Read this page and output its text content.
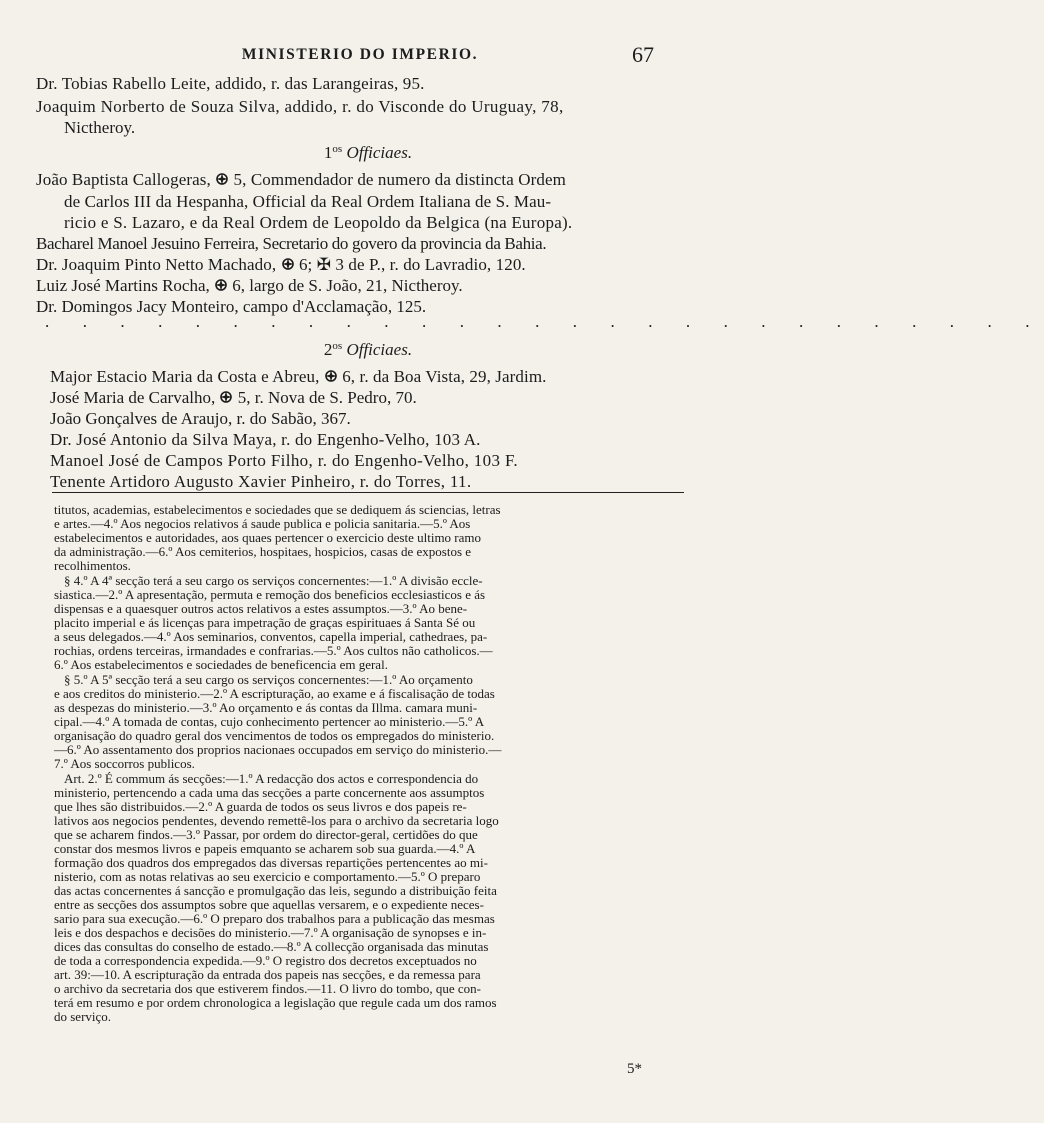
MINISTERIO DO IMPERIO.	67
Dr. Tobias Rabello Leite, addido, r. das Larangeiras, 95.
Joaquim Norberto de Souza Silva, addido, r. do Visconde do Uruguay, 78,
Nictheroy.
$1^{os}$ Officiaes.
João Baptista Callogeras, 5, Commendador de numero da distincta Ordem
de Carlos III da Hespanha, Official da Real Ordem Italiana de S. Mau-
ricio e S. Lazaro, e da Real Ordem de Leopoldo da Belgica (na Europa).
Bacharel Manoel Jesuino Ferreira, Secretario do govero da provincia da Bahia.
Dr. Joaquim Pinto Netto Machado, 6; ✠ 3 de P., r. do Lavradio, 120.
Luiz José Martins Rocha, 6, largo de S. João, 21, Nictheroy.
Dr. Domingos Jacy Monteiro, campo d'Acclamação, 125.
. . . . . . . . . . . . . . . . . . . . . . . . . . .
$2^{os}$ Officiaes.
Major Estacio Maria da Costa e Abreu, 6, r. da Boa Vista, 29, Jardim.
José Maria de Carvalho, 5, r. Nova de S. Pedro, 70.
João Gonçalves de Araujo, r. do Sabão, 367.
Dr. José Antonio da Silva Maya, r. do Engenho-Velho, 103 A.
Manoel José de Campos Porto Filho, r. do Engenho-Velho, 103 F.
Tenente Artidoro Augusto Xavier Pinheiro, r. do Torres, 11.
titutos, academias, estabelecimentos e sociedades que se dediquem ás sciencias, letras
e artes.—4.º Aos negocios relativos á saude publica e policia sanitaria.—5.º Aos
estabelecimentos e autoridades, aos quaes pertencer o exercicio deste ultimo ramo
da administração.—6.º Aos cemiterios, hospitaes, hospicios, casas de expostos e
recolhimentos.
§ 4.º A 4ª secção terá a seu cargo os serviços concernentes:—1.º A divisão eccle-
siastica.—2.º A apresentação, permuta e remoção dos beneficios ecclesiasticos e ás
dispensas e a quaesquer outros actos relativos a estes assumptos.—3.º Ao bene-
placito imperial e ás licenças para impetração de graças espirituaes á Santa Sé ou
a seus delegados.—4.º Aos seminarios, conventos, capella imperial, cathedraes, pa-
rochias, ordens terceiras, irmandades e confrarias.—5.º Aos cultos não catholicos.—
6.º Aos estabelecimentos e sociedades de beneficencia em geral.
§ 5.º A 5ª secção terá a seu cargo os serviços concernentes:—1.º Ao orçamento
e aos creditos do ministerio.—2.º A escripturação, ao exame e á fiscalisação de todas
as despezas do ministerio.—3.º Ao orçamento e ás contas da Illma. camara muni-
cipal.—4.º A tomada de contas, cujo conhecimento pertencer ao ministerio.—5.º A
organisação do quadro geral dos vencimentos de todos os empregados do ministerio.
—6.º Ao assentamento dos proprios nacionaes occupados em serviço do ministerio.—
7.º Aos soccorros publicos.
Art. 2.º É commum ás secções:—1.º A redacção dos actos e correspondencia do
ministerio, pertencendo a cada uma das secções a parte concernente aos assumptos
que lhes são distribuidos.—2.º A guarda de todos os seus livros e dos papeis re-
lativos aos negocios pendentes, devendo remettê-los para o archivo da secretaria logo
que se acharem findos.—3.º Passar, por ordem do director-geral, certidões do que
constar dos mesmos livros e papeis emquanto se acharem sob sua guarda.—4.º A
formação dos quadros dos empregados das diversas repartições pertencentes ao mi-
nisterio, com as notas relativas ao seu exercicio e comportamento.—5.º O preparo
das actas concernentes á sancção e promulgação das leis, segundo a distribuição feita
entre as secções dos assumptos sobre que aquellas versarem, e o expediente neces-
sario para sua execução.—6.º O preparo dos trabalhos para a publicação das mesmas
leis e dos despachos e decisões do ministerio.—7.º A organisação de synopses e in-
dices das consultas do conselho de estado.—8.º A collecção organisada das minutas
de toda a correspondencia expedida.—9.º O registro dos decretos exceptuados no
art. 39:—10. A escripturação da entrada dos papeis nas secções, e da remessa para
o archivo da secretaria dos que estiverem findos.—11. O livro do tombo, que con-
terá em resumo e por ordem chronologica a legislação que regule cada um dos ramos
do serviço.
5*
